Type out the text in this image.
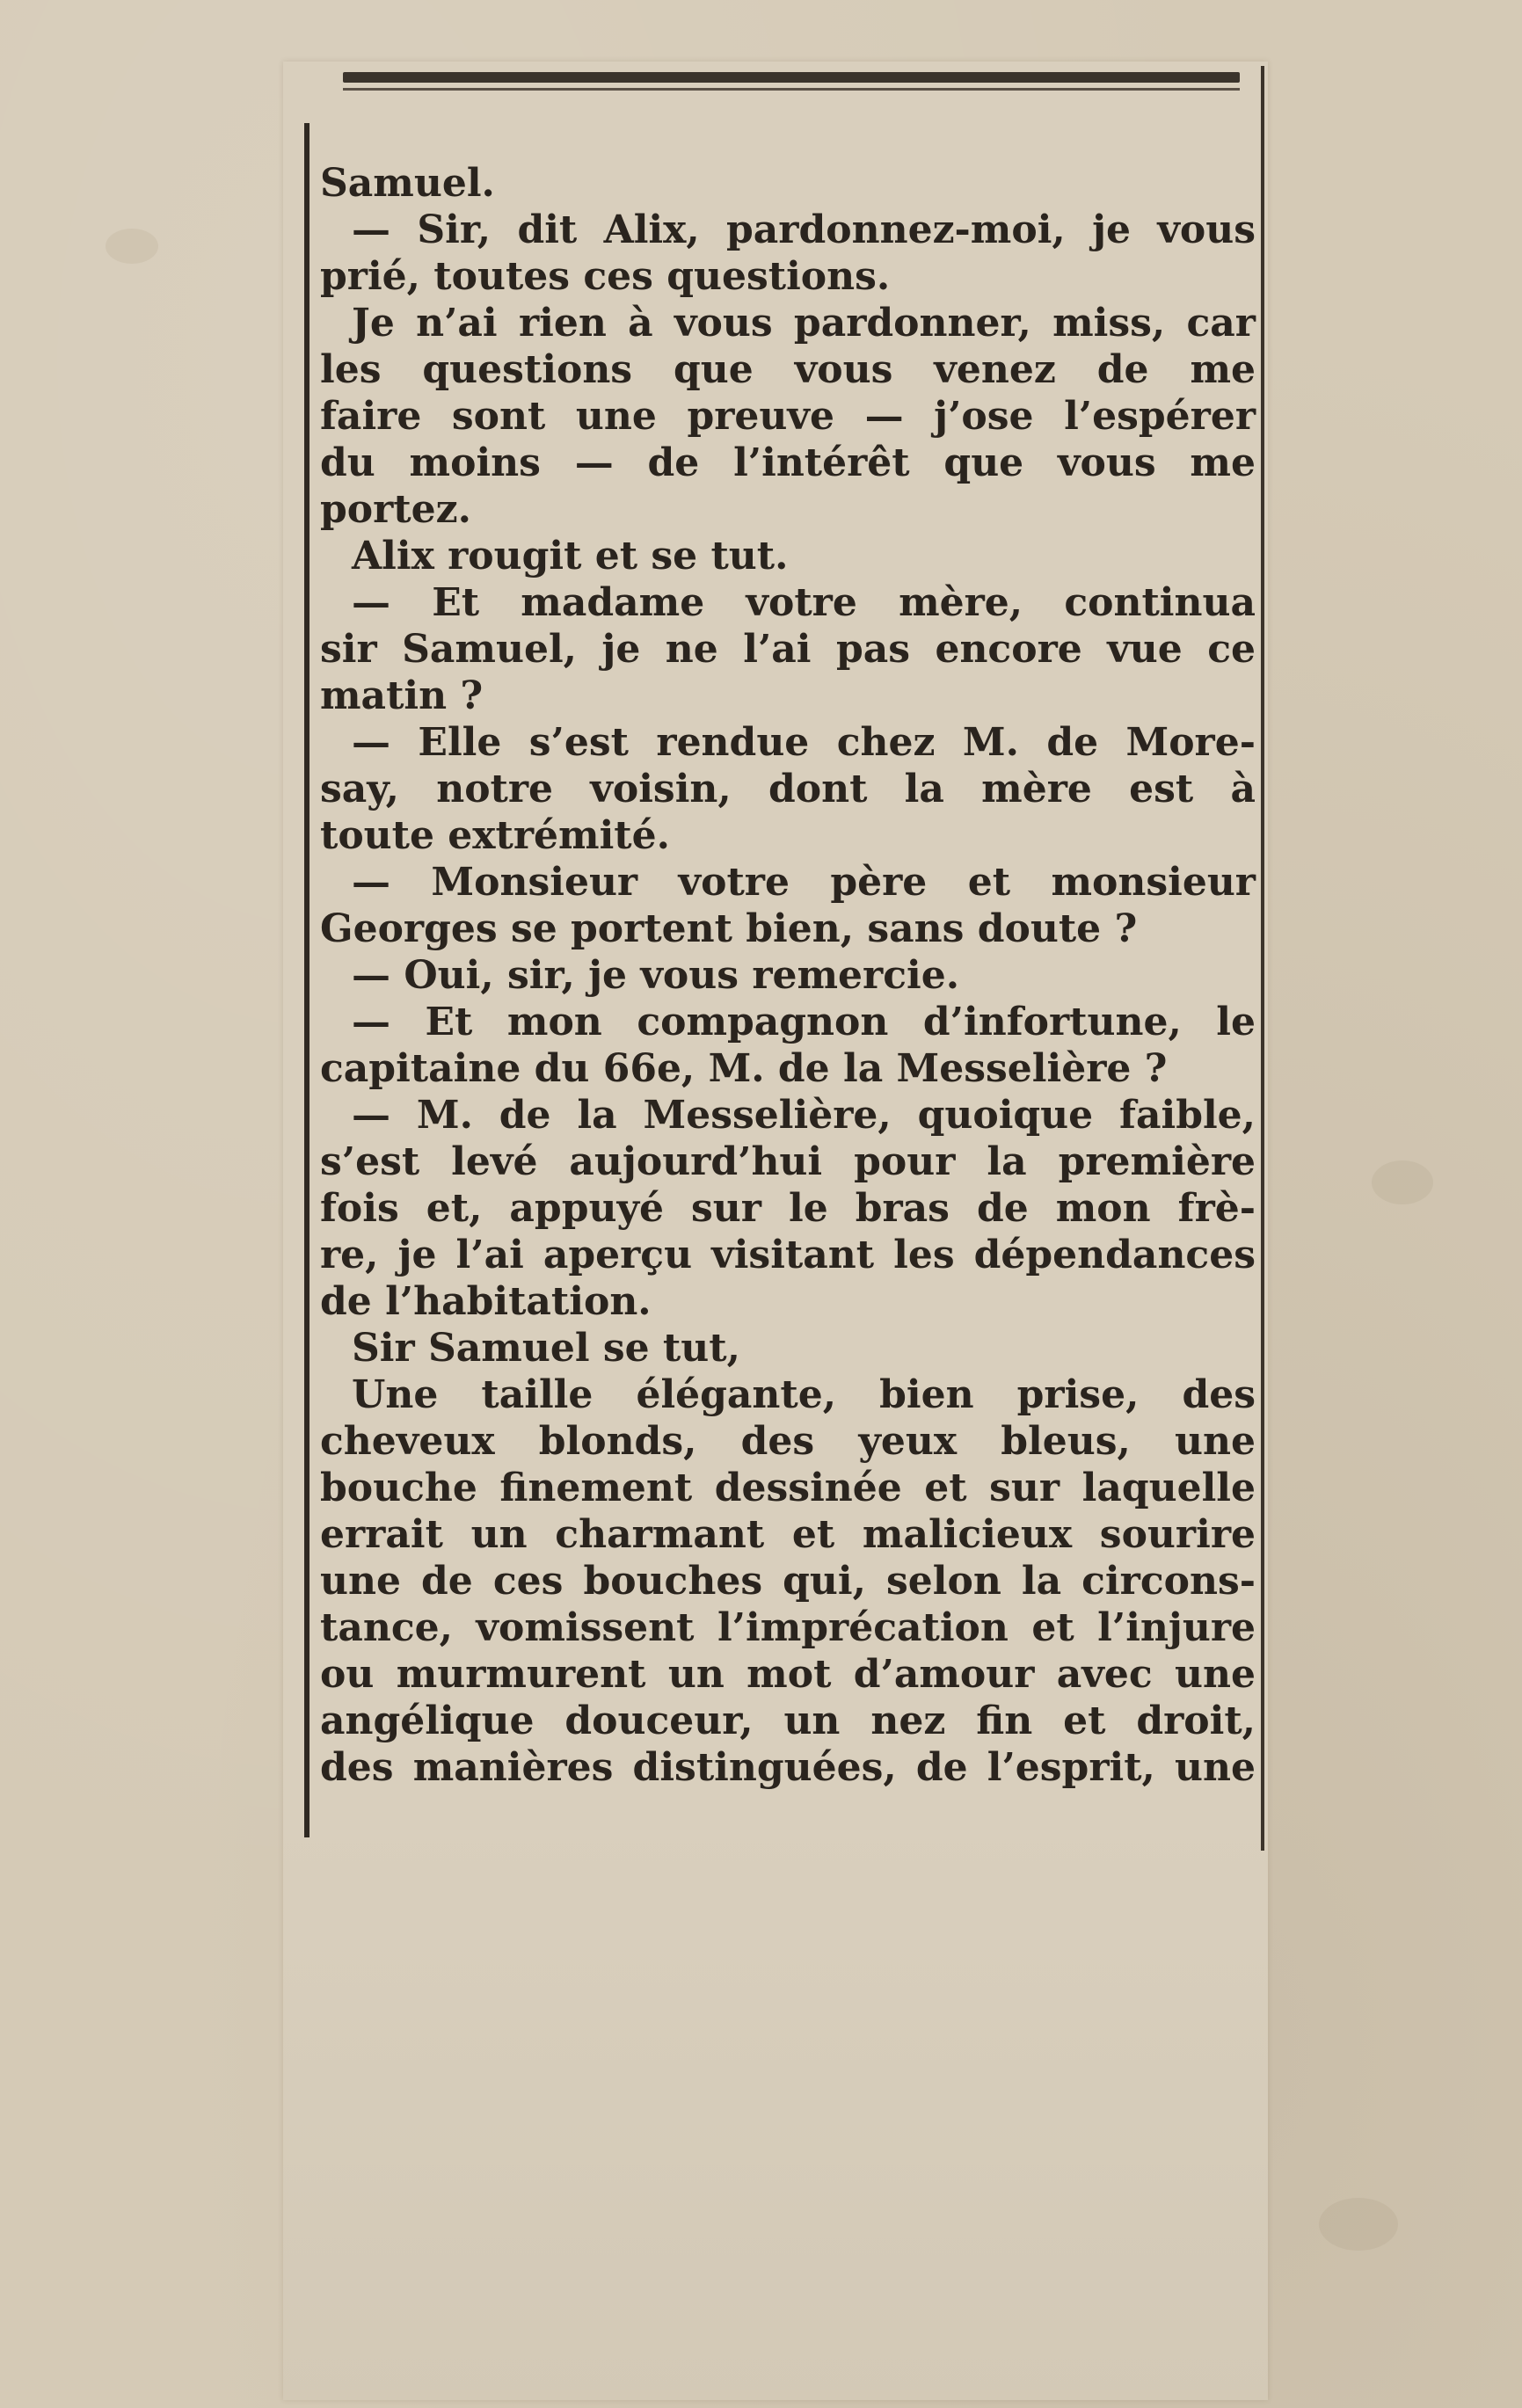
Samuel.
— Sir, dit Alix, pardonnez-moi, je vous
prié, toutes ces questions.
Je n’ai rien à vous pardonner, miss, car
les questions que vous venez de me
faire sont une preuve — j’ose l’espérer
du moins — de l’intérêt que vous me
portez.
Alix rougit et se tut.
— Et madame votre mère, continua
sir Samuel, je ne l’ai pas encore vue ce
matin ?
— Elle s’est rendue chez M. de More-
say, notre voisin, dont la mère est à
toute extrémité.
— Monsieur votre père et monsieur
Georges se portent bien, sans doute ?
— Oui, sir, je vous remercie.
— Et mon compagnon d’infortune, le
capitaine du 66e, M. de la Messelière ?
— M. de la Messelière, quoique faible,
s’est levé aujourd’hui pour la première
fois et, appuyé sur le bras de mon frè-
re, je l’ai aperçu visitant les dépendances
de l’habitation.
Sir Samuel se tut,
Une taille élégante, bien prise, des
cheveux blonds, des yeux bleus, une
bouche finement dessinée et sur laquelle
errait un charmant et malicieux sourire
une de ces bouches qui, selon la circons-
tance, vomissent l’imprécation et l’injure
ou murmurent un mot d’amour avec une
angélique douceur, un nez fin et droit,
des manières distinguées, de l’esprit, une
